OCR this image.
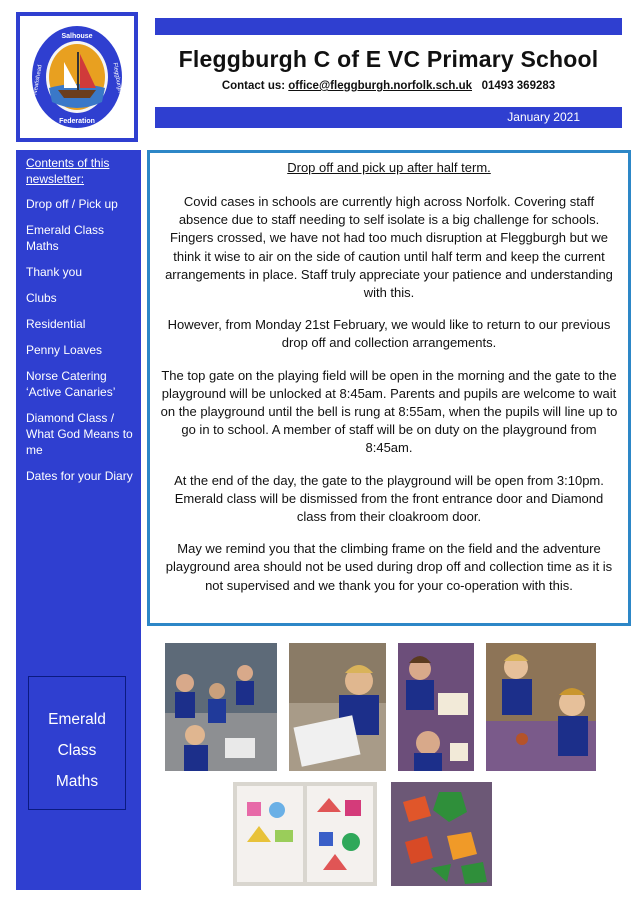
Salhouse
Federation
Neatishead	Fleggburgh
Fleggburgh C of E VC Primary School
Contact us: office@fleggburgh.norfolk.sch.uk 01493 369283
January 2021
Contents of this newsletter:
Drop off / Pick up
Emerald Class Maths
Thank you
Clubs
Residential
Penny Loaves
Norse Catering ‘Active Canaries’
Diamond Class / What God Means to me
Dates for your Diary
Emerald
Class
Maths
Drop off and pick up after half term.

Covid cases in schools are currently high across Norfolk. Covering staff absence due to staff needing to self isolate is a big challenge for schools. Fingers crossed, we have not had too much disruption at Fleggburgh but we think it wise to air on the side of caution until half term and keep the current arrangements in place. Staff truly appreciate your patience and understanding with this.

However, from Monday 21st February, we would like to return to our previous drop off and collection arrangements.

The top gate on the playing field will be open in the morning and the gate to the playground will be unlocked at 8:45am. Parents and pupils are welcome to wait on the playground until the bell is rung at 8:55am, when the pupils will line up to go in to school. A member of staff will be on duty on the playground from 8:45am.

At the end of the day, the gate to the playground will be open from 3:10pm. Emerald class will be dismissed from the front entrance door and Diamond class from their cloakroom door.

May we remind you that the climbing frame on the field and the adventure playground area should not be used during drop off and collection time as it is not supervised and we thank you for your co-operation with this.
